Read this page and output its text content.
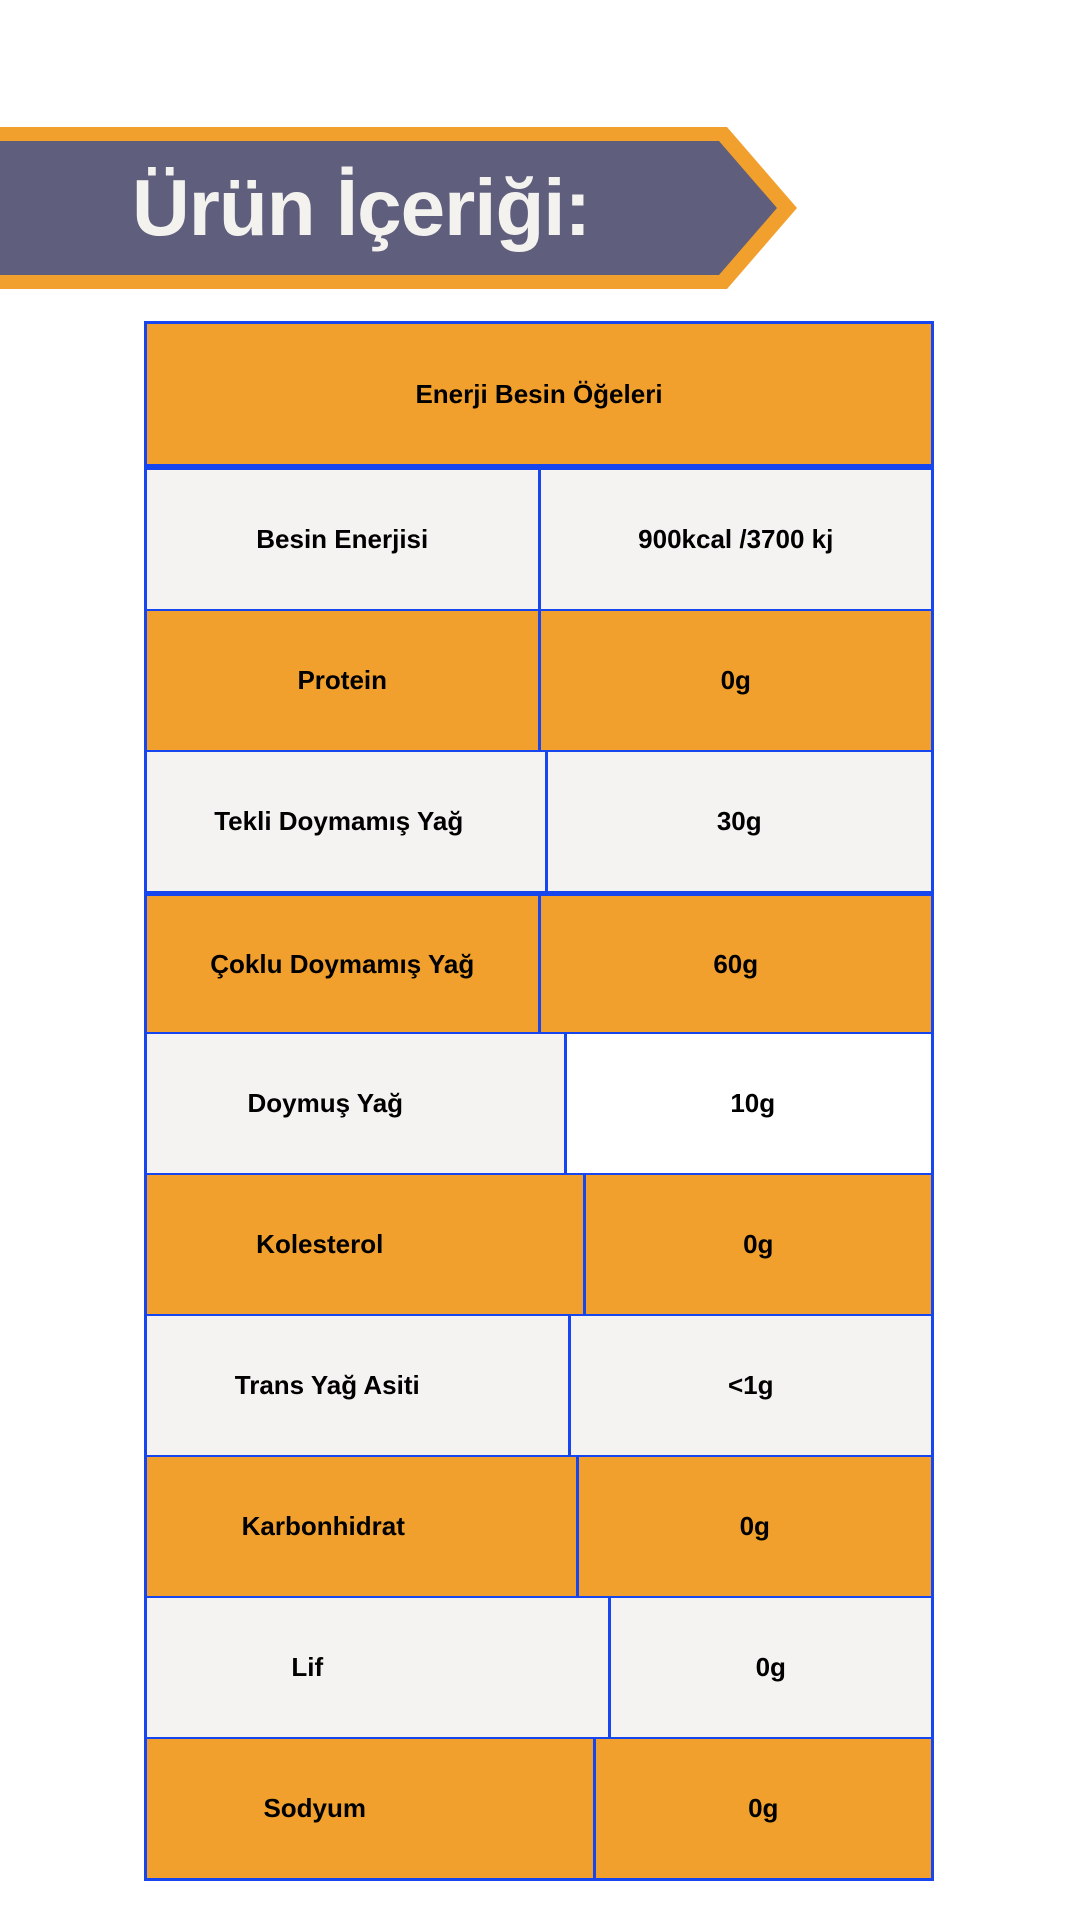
Ürün İçeriği:
Enerji Besin Öğeleri
Besin Enerjisi	900kcal /3700 kj
Protein	0g
Tekli Doymamış Yağ	30g
Çoklu Doymamış Yağ	60g
Doymuş Yağ	10g
Kolesterol	0g
Trans Yağ Asiti	<1g
Karbonhidrat	0g
Lif	0g
Sodyum	0g
